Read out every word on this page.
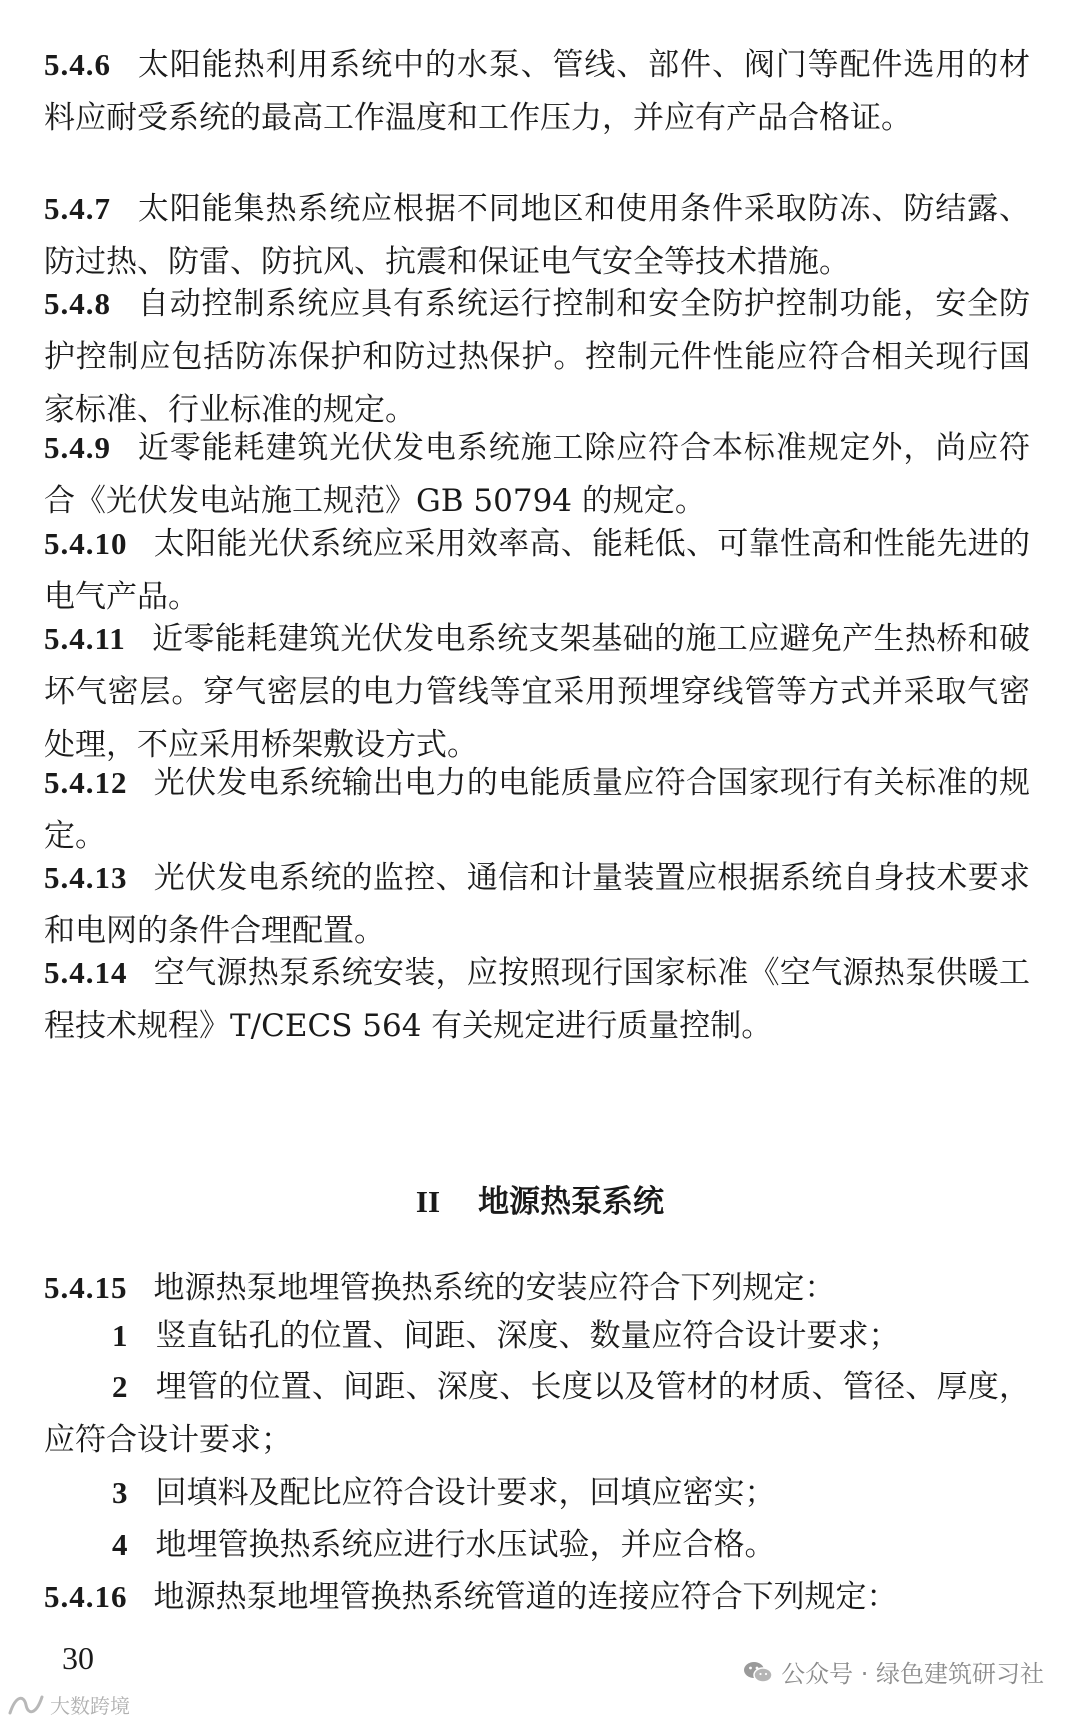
5.4.6 太阳能热利用系统中的水泵、管线、部件、阀门等配件选用的材料应耐受系统的最高工作温度和工作压力，并应有产品合格证。
5.4.7 太阳能集热系统应根据不同地区和使用条件采取防冻、防结露、防过热、防雷、防抗风、抗震和保证电气安全等技术措施。
5.4.8 自动控制系统应具有系统运行控制和安全防护控制功能，安全防护控制应包括防冻保护和防过热保护。控制元件性能应符合相关现行国家标准、行业标准的规定。
5.4.9 近零能耗建筑光伏发电系统施工除应符合本标准规定外，尚应符合《光伏发电站施工规范》GB 50794 的规定。
5.4.10 太阳能光伏系统应采用效率高、能耗低、可靠性高和性能先进的电气产品。
5.4.11 近零能耗建筑光伏发电系统支架基础的施工应避免产生热桥和破坏气密层。穿气密层的电力管线等宜采用预埋穿线管等方式并采取气密处理，不应采用桥架敷设方式。
5.4.12 光伏发电系统输出电力的电能质量应符合国家现行有关标准的规定。
5.4.13 光伏发电系统的监控、通信和计量装置应根据系统自身技术要求和电网的条件合理配置。
5.4.14 空气源热泵系统安装，应按照现行国家标准《空气源热泵供暖工程技术规程》T/CECS 564 有关规定进行质量控制。
II 地源热泵系统
5.4.15 地源热泵地埋管换热系统的安装应符合下列规定：
1 竖直钻孔的位置、间距、深度、数量应符合设计要求；
2 埋管的位置、间距、深度、长度以及管材的材质、管径、厚度，应符合设计要求；
3 回填料及配比应符合设计要求，回填应密实；
4 地埋管换热系统应进行水压试验，并应合格。
5.4.16 地源热泵地埋管换热系统管道的连接应符合下列规定：
30	公众号 · 绿色建筑研习社
大数跨境
